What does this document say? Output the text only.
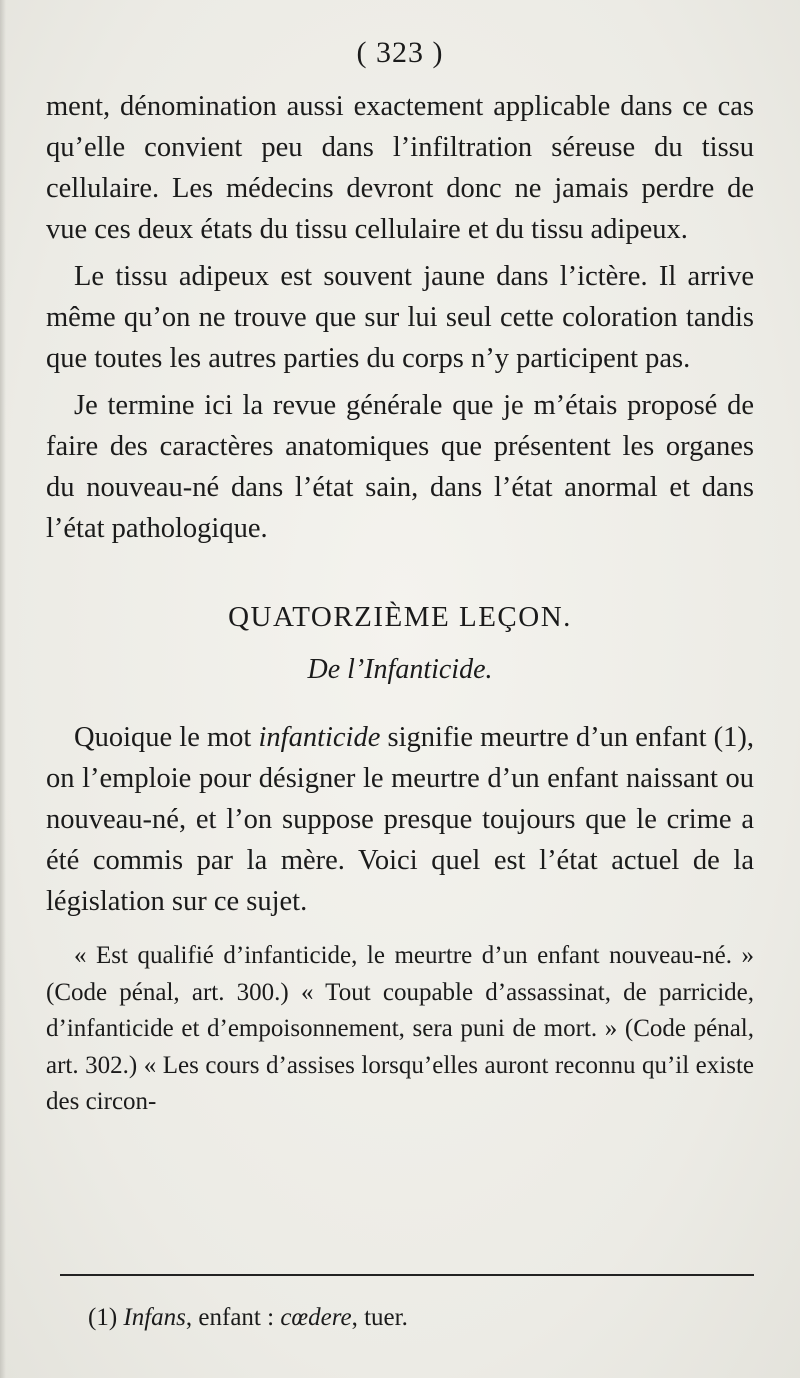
( 323 )

ment, dénomination aussi exactement applicable dans ce cas qu’elle convient peu dans l’infiltration séreuse du tissu cellulaire. Les médecins devront donc ne jamais perdre de vue ces deux états du tissu cellulaire et du tissu adipeux.

Le tissu adipeux est souvent jaune dans l’ictère. Il arrive même qu’on ne trouve que sur lui seul cette coloration tandis que toutes les autres parties du corps n’y participent pas.

Je termine ici la revue générale que je m’étais proposé de faire des caractères anatomiques que présentent les organes du nouveau-né dans l’état sain, dans l’état anormal et dans l’état pathologique.

QUATORZIÈME LEÇON.
De l’Infanticide.

Quoique le mot infanticide signifie meurtre d’un enfant (1), on l’emploie pour désigner le meurtre d’un enfant naissant ou nouveau-né, et l’on suppose presque toujours que le crime a été commis par la mère. Voici quel est l’état actuel de la législation sur ce sujet.

« Est qualifié d’infanticide, le meurtre d’un enfant nouveau-né. » (Code pénal, art. 300.) « Tout coupable d’assassinat, de parricide, d’infanticide et d’empoisonnement, sera puni de mort. » (Code pénal, art. 302.) « Les cours d’assises lorsqu’elles auront reconnu qu’il existe des circon-

(1) Infans, enfant : cœdere, tuer.
